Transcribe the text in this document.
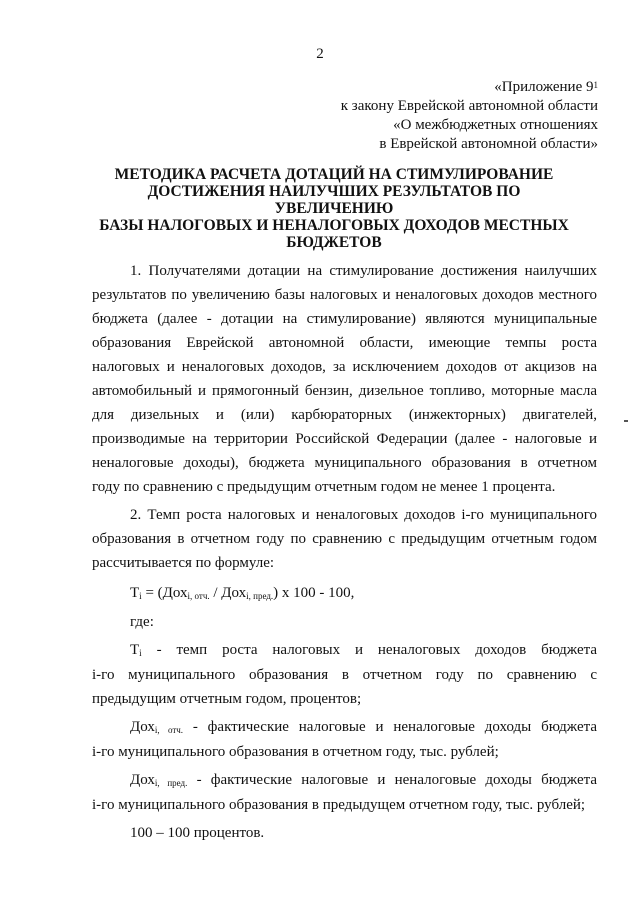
2
«Приложение $9^1$
к закону Еврейской автономной области
«О межбюджетных отношениях
в Еврейской автономной области»
МЕТОДИКА РАСЧЕТА ДОТАЦИЙ НА СТИМУЛИРОВАНИЕ
ДОСТИЖЕНИЯ НАИЛУЧШИХ РЕЗУЛЬТАТОВ ПО УВЕЛИЧЕНИЮ
БАЗЫ НАЛОГОВЫХ И НЕНАЛОГОВЫХ ДОХОДОВ МЕСТНЫХ
БЮДЖЕТОВ
1. Получателями дотации на стимулирование достижения наилучших
результатов по увеличению базы налоговых и неналоговых доходов местного
бюджета (далее - дотации на стимулирование) являются муниципальные
образования Еврейской автономной области, имеющие темпы роста
налоговых и неналоговых доходов, за исключением доходов от акцизов на
автомобильный и прямогонный бензин, дизельное топливо, моторные масла
для дизельных и (или) карбюраторных (инжекторных) двигателей,
производимые на территории Российской Федерации (далее - налоговые и
неналоговые доходы), бюджета муниципального образования в отчетном
году по сравнению с предыдущим отчетным годом не менее 1 процента.
2. Темп роста налоговых и неналоговых доходов i-го муниципального
образования в отчетном году по сравнению с предыдущим отчетным годом
рассчитывается по формуле:
$T_i = (Дох_{i, отч.} / Дох_{i, пред.})$ х 100 - 100,
где:
$T_i$ - темп роста налоговых и неналоговых доходов бюджета
i-го муниципального образования в отчетном году по сравнению с
предыдущим отчетным годом, процентов;
Дох$_{i, отч.}$ - фактические налоговые и неналоговые доходы бюджета
i-го муниципального образования в отчетном году, тыс. рублей;
Дох$_{i, пред.}$ - фактические налоговые и неналоговые доходы бюджета
i-го муниципального образования в предыдущем отчетном году, тыс. рублей;
100 – 100 процентов.
